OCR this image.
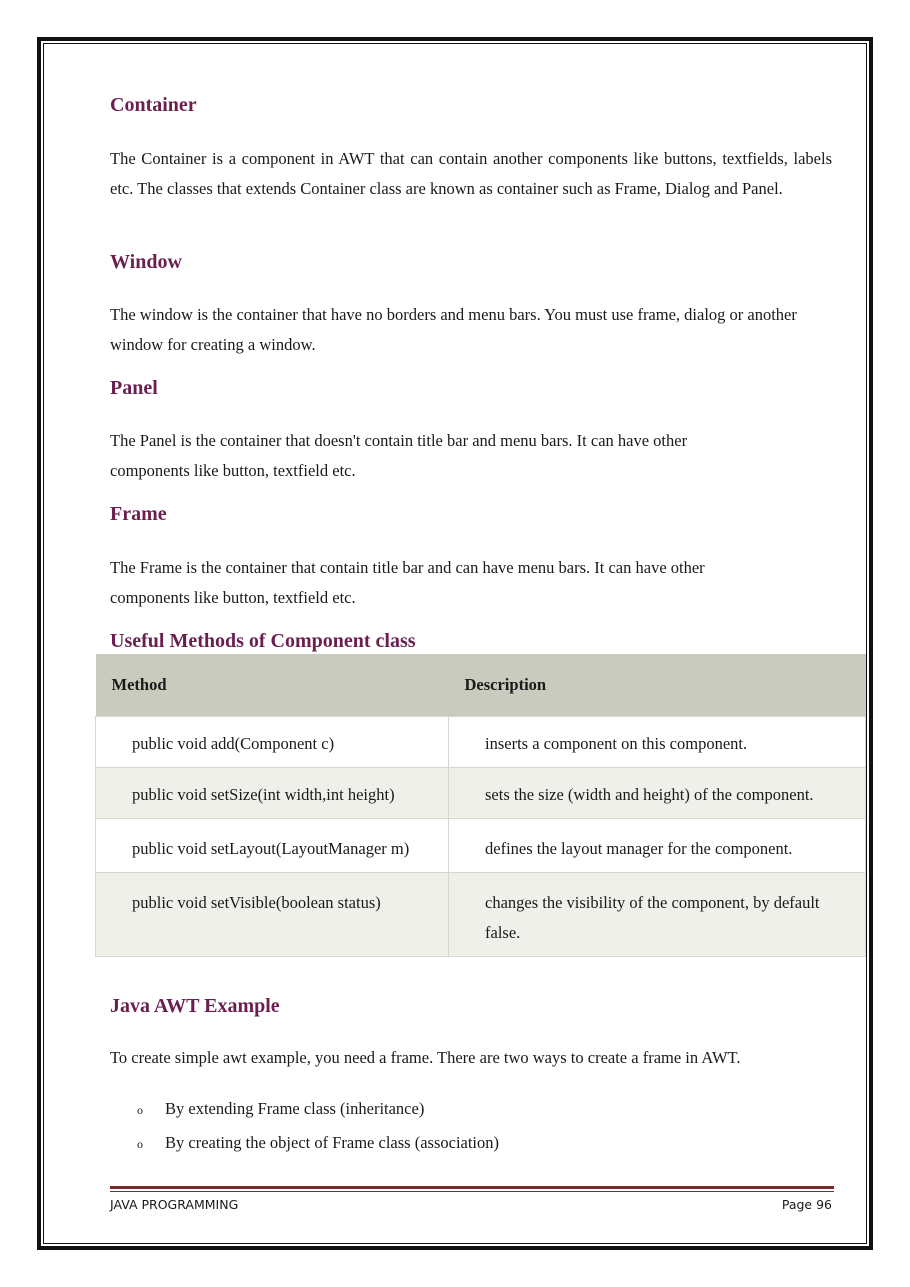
Container

The Container is a component in AWT that can contain another components like buttons, textfields, labels etc. The classes that extends Container class are known as container such as Frame, Dialog and Panel.

Window

The window is the container that have no borders and menu bars. You must use frame, dialog or another window for creating a window.

Panel

The Panel is the container that doesn't contain title bar and menu bars. It can have other components like button, textfield etc.

Frame

The Frame is the container that contain title bar and can have menu bars. It can have other components like button, textfield etc.

Useful Methods of Component class
Method	Description
public void add(Component c)	inserts a component on this component.
public void setSize(int width,int height)	sets the size (width and height) of the component.
public void setLayout(LayoutManager m)	defines the layout manager for the component.
public void setVisible(boolean status)	changes the visibility of the component, by default false.
Java AWT Example

To create simple awt example, you need a frame. There are two ways to create a frame in AWT.

o	By extending Frame class (inheritance)
o	By creating the object of Frame class (association)
JAVA PROGRAMMING	Page 96
